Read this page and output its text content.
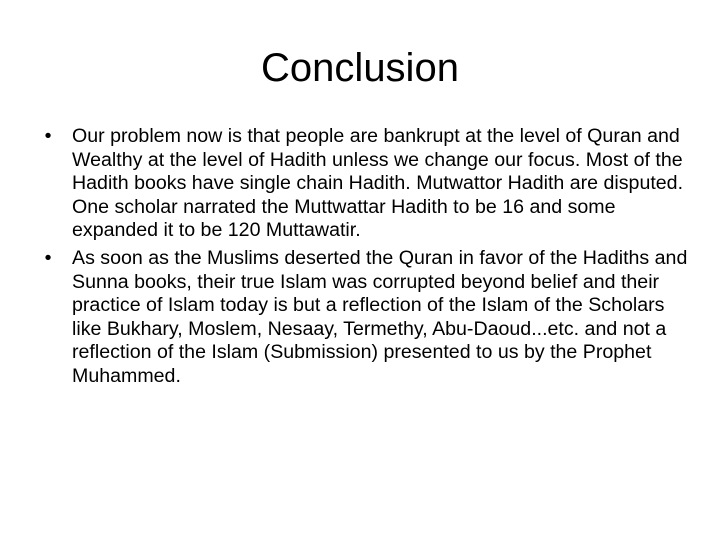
Conclusion
• Our problem now is that people are bankrupt at the level of Quran and Wealthy at the level of Hadith unless we change our focus. Most of the Hadith books have single chain Hadith. Mutwattor Hadith are disputed. One scholar narrated the Muttwattar Hadith to be 16 and some expanded it to be 120 Muttawatir.
• As soon as the Muslims deserted the Quran in favor of the Hadiths and Sunna books, their true Islam was corrupted beyond belief and their practice of Islam today is but a reflection of the Islam of the Scholars like Bukhary, Moslem, Nesaay, Termethy, Abu-Daoud...etc. and not a reflection of the Islam (Submission) presented to us by the Prophet Muhammed.
